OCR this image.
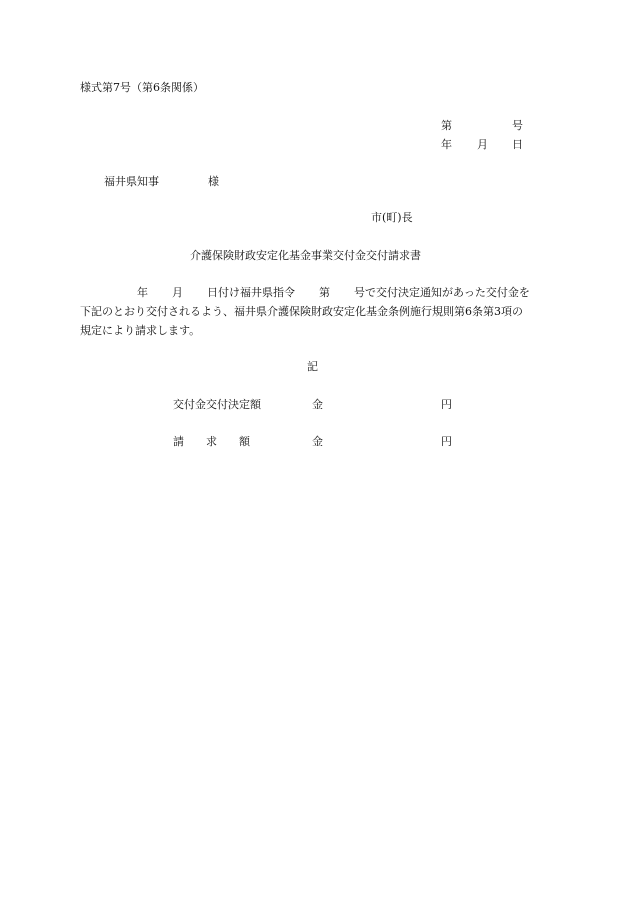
様式第7号（第6条関係）
第	号
年 月 日
福井県知事	様
市(町)長
介護保険財政安定化基金事業交付金交付請求書
年 月 日付け福井県指令 第 号で交付決定通知があった交付金を
下記のとおり交付されるよう、福井県介護保険財政安定化基金条例施行規則第6条第3項の
規定により請求します。
記
交付金交付決定額	金	円
請　　求　　額	金	円
